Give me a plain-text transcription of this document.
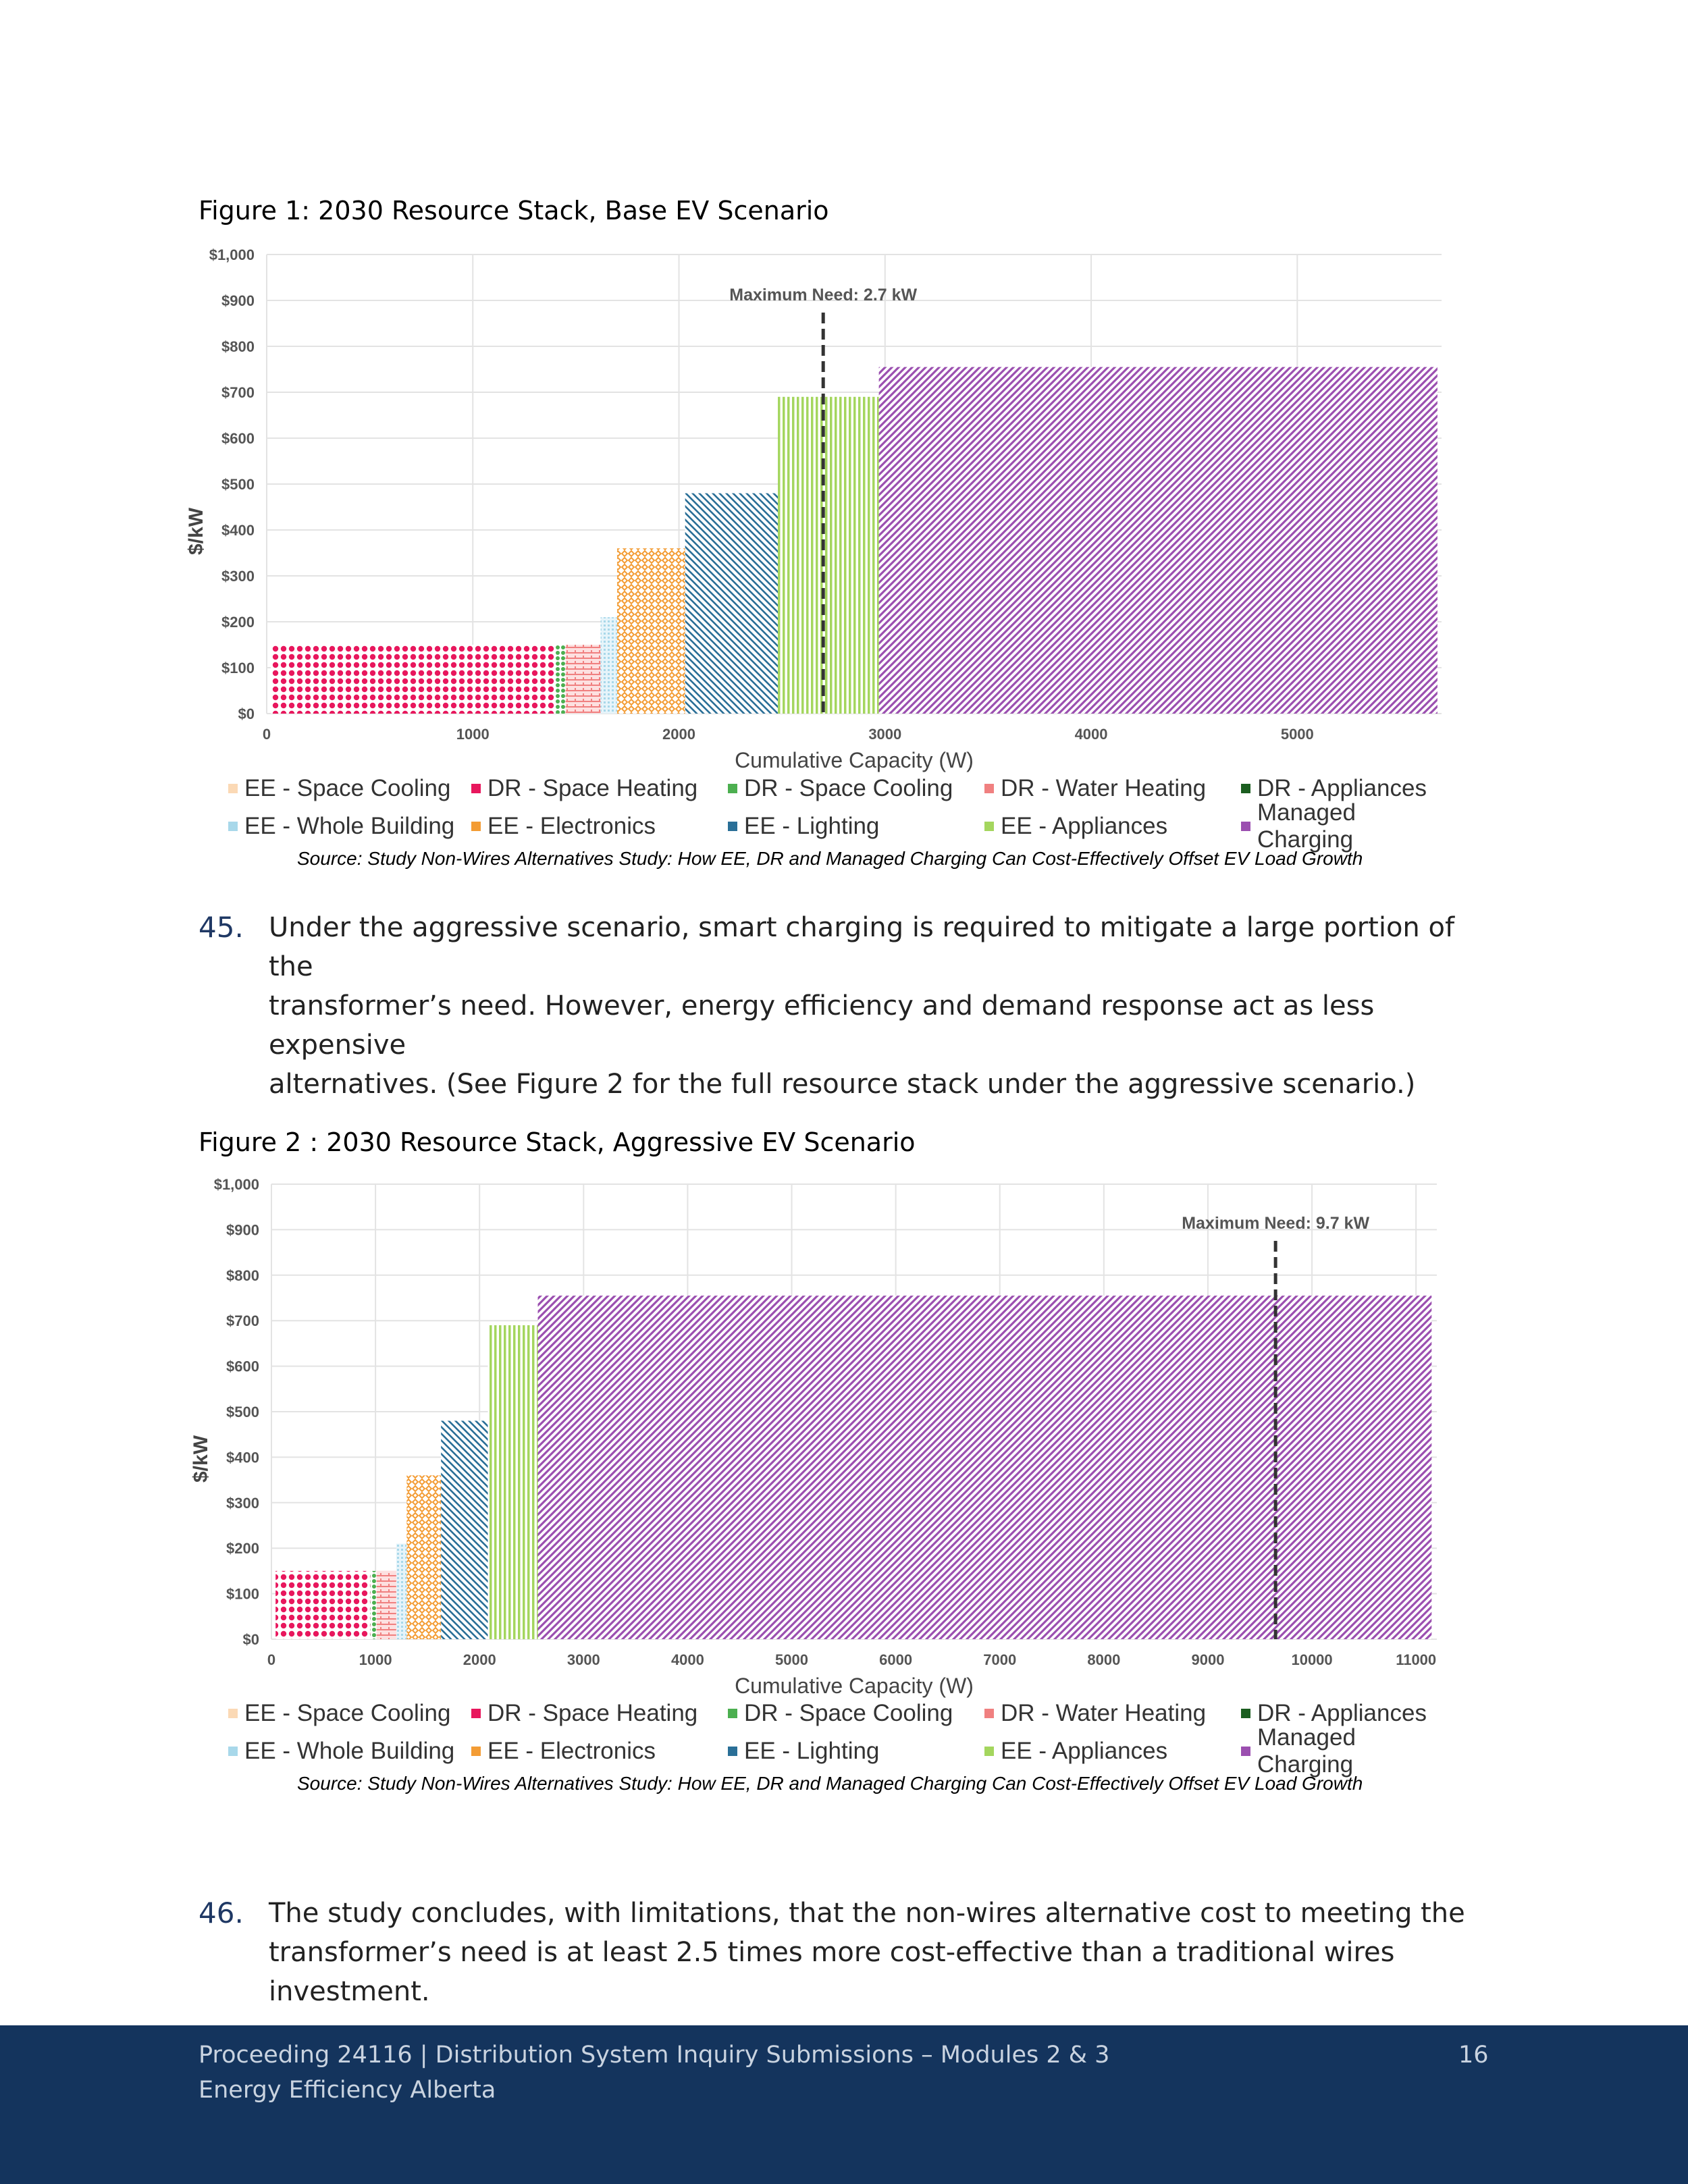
Figure 1: 2030 Resource Stack, Base EV Scenario
$0
$100
$200
$300
$400
$500
$600
$700
$800
$900
$1,000
0	1000	2000	3000	4000	5000
Maximum Need: 2.7 kW
Cumulative Capacity (W)
$/kW
EE - Space Cooling DR - Space Heating DR - Space Cooling DR - Water Heating DR - Appliances
EE - Whole Building EE - Electronics	EE - Lighting	EE - Appliances
Managed Charging
Source: Study Non-Wires Alternatives Study: How EE, DR and Managed Charging Can Cost-Effectively Offset EV Load Growth
45. Under the aggressive scenario, smart charging is required to mitigate a large portion of the
transformer’s need. However, energy efficiency and demand response act as less expensive
alternatives. (See Figure 2 for the full resource stack under the aggressive scenario.)
Figure 2 : 2030 Resource Stack, Aggressive EV Scenario
$0
$100
$200
$300
$400
$500
$600
$700
$800
$900
$1,000
0	1000	2000	3000	4000	5000	6000	7000	8000	9000	10000	11000
Maximum Need: 9.7 kW
Cumulative Capacity (W)
$/kW
EE - Space Cooling DR - Space Heating DR - Space Cooling DR - Water Heating DR - Appliances
EE - Whole Building EE - Electronics	EE - Lighting	EE - Appliances
Managed Charging
Source: Study Non-Wires Alternatives Study: How EE, DR and Managed Charging Can Cost-Effectively Offset EV Load Growth
46. The study concludes, with limitations, that the non-wires alternative cost to meeting the
transformer’s need is at least 2.5 times more cost-effective than a traditional wires investment.
Proceeding 24116 | Distribution System Inquiry Submissions – Modules 2 & 3
Energy Efficiency Alberta
16
